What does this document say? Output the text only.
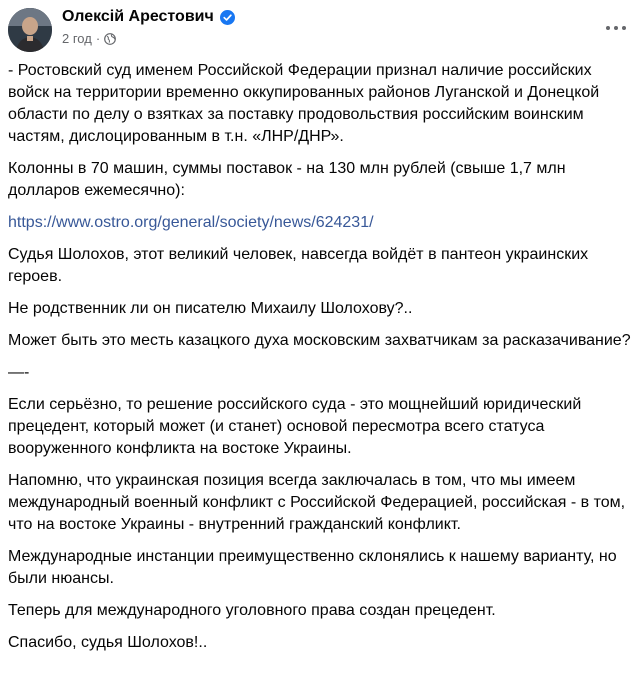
Олексій Арестович
2 год ·

- Ростовский суд именем Российской Федерации признал наличие российских войск на территории временно оккупированных районов Луганской и Донецкой области по делу о взятках за поставку продовольствия российским воинским частям, дислоцированным в т.н. «ЛНР/ДНР».

Колонны в 70 машин, суммы поставок - на 130 млн рублей (свыше 1,7 млн долларов ежемесячно):

https://www.ostro.org/general/society/news/624231/

Судья Шолохов, этот великий человек, навсегда войдёт в пантеон украинских героев.

Не родственник ли он писателю Михаилу Шолохову?..

Может быть это месть казацкого духа московским захватчикам за расказачивание?

—-

Если серьёзно, то решение российского суда - это мощнейший юридический прецедент, который может (и станет) основой пересмотра всего статуса вооруженного конфликта на востоке Украины.

Напомню, что украинская позиция всегда заключалась в том, что мы имеем международный военный конфликт с Российской Федерацией, российская - в том, что на востоке Украины - внутренний гражданский конфликт.

Международные инстанции преимущественно склонялись к нашему варианту, но были нюансы.

Теперь для международного уголовного права создан прецедент.

Спасибо, судья Шолохов!..
